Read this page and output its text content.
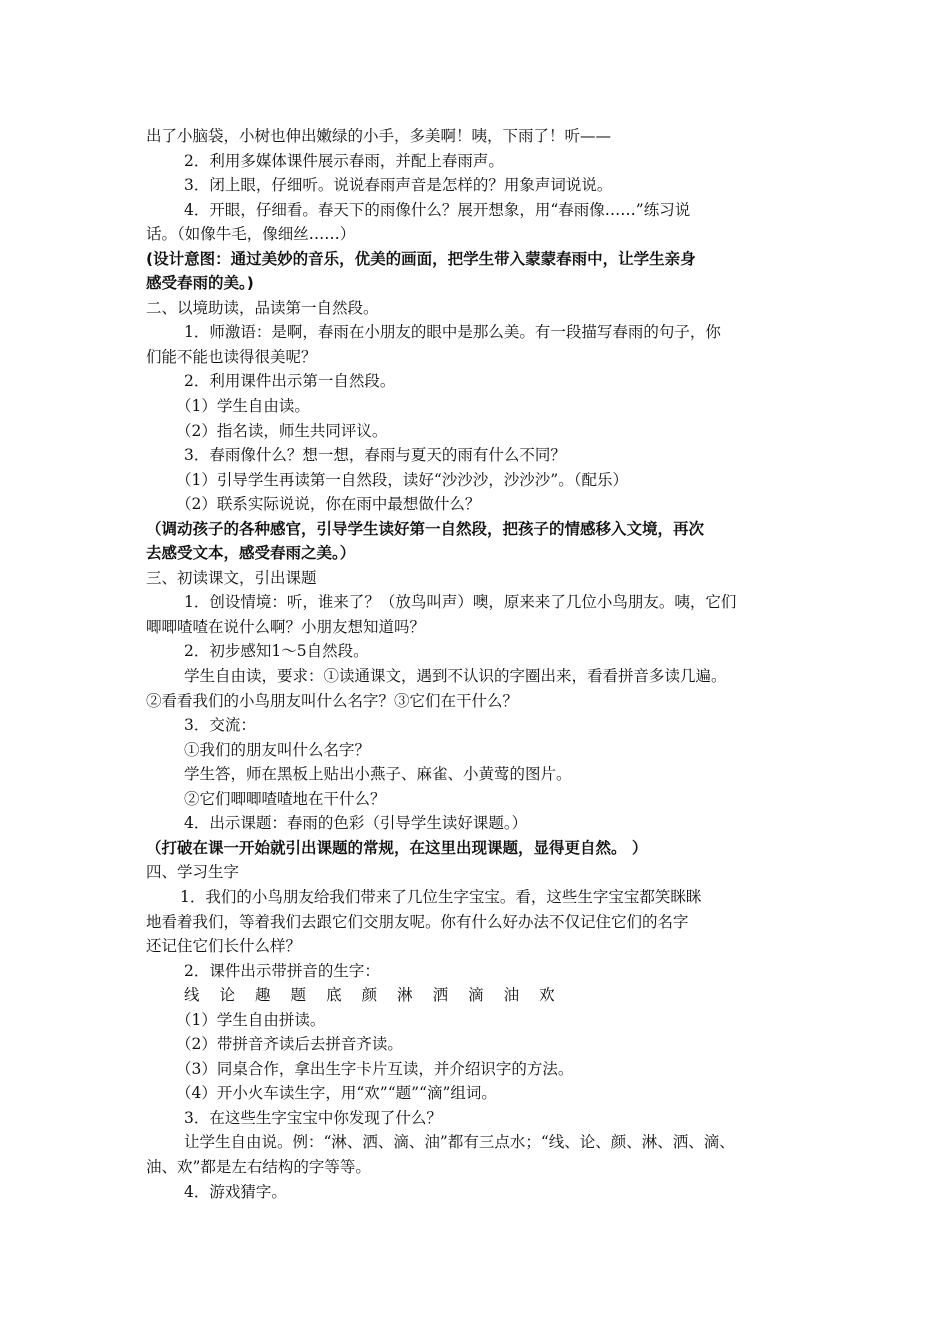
出了小脑袋，小树也伸出嫩绿的小手，多美啊！咦，下雨了！听——
2．利用多媒体课件展示春雨，并配上春雨声。
3．闭上眼，仔细听。说说春雨声音是怎样的？用象声词说说。
4．开眼，仔细看。春天下的雨像什么？展开想象，用“春雨像……”练习说
话。（如像牛毛，像细丝……）
(设计意图：通过美妙的音乐，优美的画面，把学生带入蒙蒙春雨中，让学生亲身
感受春雨的美。)
二、以境助读，品读第一自然段。
1．师激语：是啊，春雨在小朋友的眼中是那么美。有一段描写春雨的句子，你
们能不能也读得很美呢？
2．利用课件出示第一自然段。
（1）学生自由读。
（2）指名读，师生共同评议。
3．春雨像什么？想一想，春雨与夏天的雨有什么不同？
（1）引导学生再读第一自然段，读好“沙沙沙，沙沙沙”。（配乐）
（2）联系实际说说，你在雨中最想做什么？
（调动孩子的各种感官，引导学生读好第一自然段，把孩子的情感移入文境，再次
去感受文本，感受春雨之美。）
三、初读课文，引出课题
1．创设情境：听，谁来了？（放鸟叫声）噢，原来来了几位小鸟朋友。咦，它们
唧唧喳喳在说什么啊？小朋友想知道吗？
2．初步感知1～5自然段。
学生自由读，要求：①读通课文，遇到不认识的字圈出来，看看拼音多读几遍。
②看看我们的小鸟朋友叫什么名字？③它们在干什么？
3．交流：
①我们的朋友叫什么名字？
学生答，师在黑板上贴出小燕子、麻雀、小黄莺的图片。
②它们唧唧喳喳地在干什么？
4．出示课题：春雨的色彩（引导学生读好课题。）
（打破在课一开始就引出课题的常规，在这里出现课题，显得更自然。 ）
四、学习生字
1．我们的小鸟朋友给我们带来了几位生字宝宝。看，这些生字宝宝都笑眯眯
地看着我们，等着我们去跟它们交朋友呢。你有什么好办法不仅记住它们的名字
还记住它们长什么样？
2．课件出示带拼音的生字：
线 论 趣 题 底 颜 淋 洒 滴 油 欢
（1）学生自由拼读。
（2）带拼音齐读后去拼音齐读。
（3）同桌合作，拿出生字卡片互读，并介绍识字的方法。
（4）开小火车读生字，用“欢”“题”“滴”组词。
3．在这些生字宝宝中你发现了什么？
让学生自由说。例：“淋、洒、滴、油”都有三点水；“线、论、颜、淋、洒、滴、
油、欢”都是左右结构的字等等。
4．游戏猜字。
